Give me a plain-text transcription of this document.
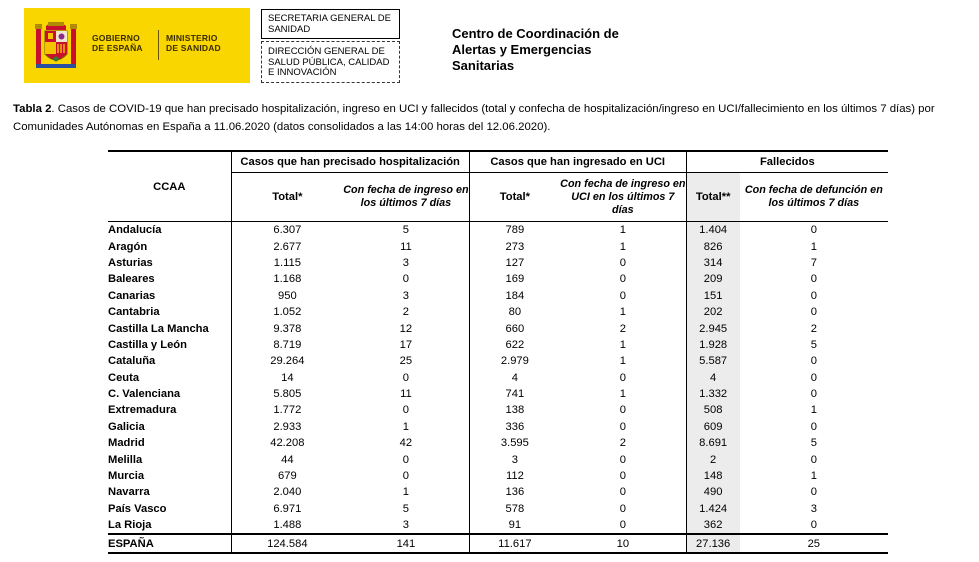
GOBIERNO
DE ESPAÑA
MINISTERIO
DE SANIDAD
SECRETARIA GENERAL DE SANIDAD
DIRECCIÓN GENERAL DE SALUD PÚBLICA, CALIDAD E INNOVACIÓN
Centro de Coordinación de
Alertas y Emergencias
Sanitarias
Tabla 2. Casos de COVID-19 que han precisado hospitalización, ingreso en UCI y fallecidos (total y confecha de hospitalización/ingreso en UCI/fallecimiento en los últimos 7 días) por Comunidades Autónomas en España a 11.06.2020 (datos consolidados a las 14:00 horas del 12.06.2020).
CCAA	Casos que han precisado hospitalización		Casos que han ingresado en UCI		Fallecidos	
	Total*	Con fecha de ingreso en los últimos 7 días	Total*	Con fecha de ingreso en UCI en los últimos 7 días	Total**	Con fecha de defunción en los últimos 7 días
Andalucía	6.307	5	789	1	1.404	0
Aragón	2.677	11	273	1	826	1
Asturias	1.115	3	127	0	314	7
Baleares	1.168	0	169	0	209	0
Canarias	950	3	184	0	151	0
Cantabria	1.052	2	80	1	202	0
Castilla La Mancha	9.378	12	660	2	2.945	2
Castilla y León	8.719	17	622	1	1.928	5
Cataluña	29.264	25	2.979	1	5.587	0
Ceuta	14	0	4	0	4	0
C. Valenciana	5.805	11	741	1	1.332	0
Extremadura	1.772	0	138	0	508	1
Galicia	2.933	1	336	0	609	0
Madrid	42.208	42	3.595	2	8.691	5
Melilla	44	0	3	0	2	0
Murcia	679	0	112	0	148	1
Navarra	2.040	1	136	0	490	0
País Vasco	6.971	5	578	0	1.424	3
La Rioja	1.488	3	91	0	362	0
ESPAÑA	124.584	141	11.617	10	27.136	25
